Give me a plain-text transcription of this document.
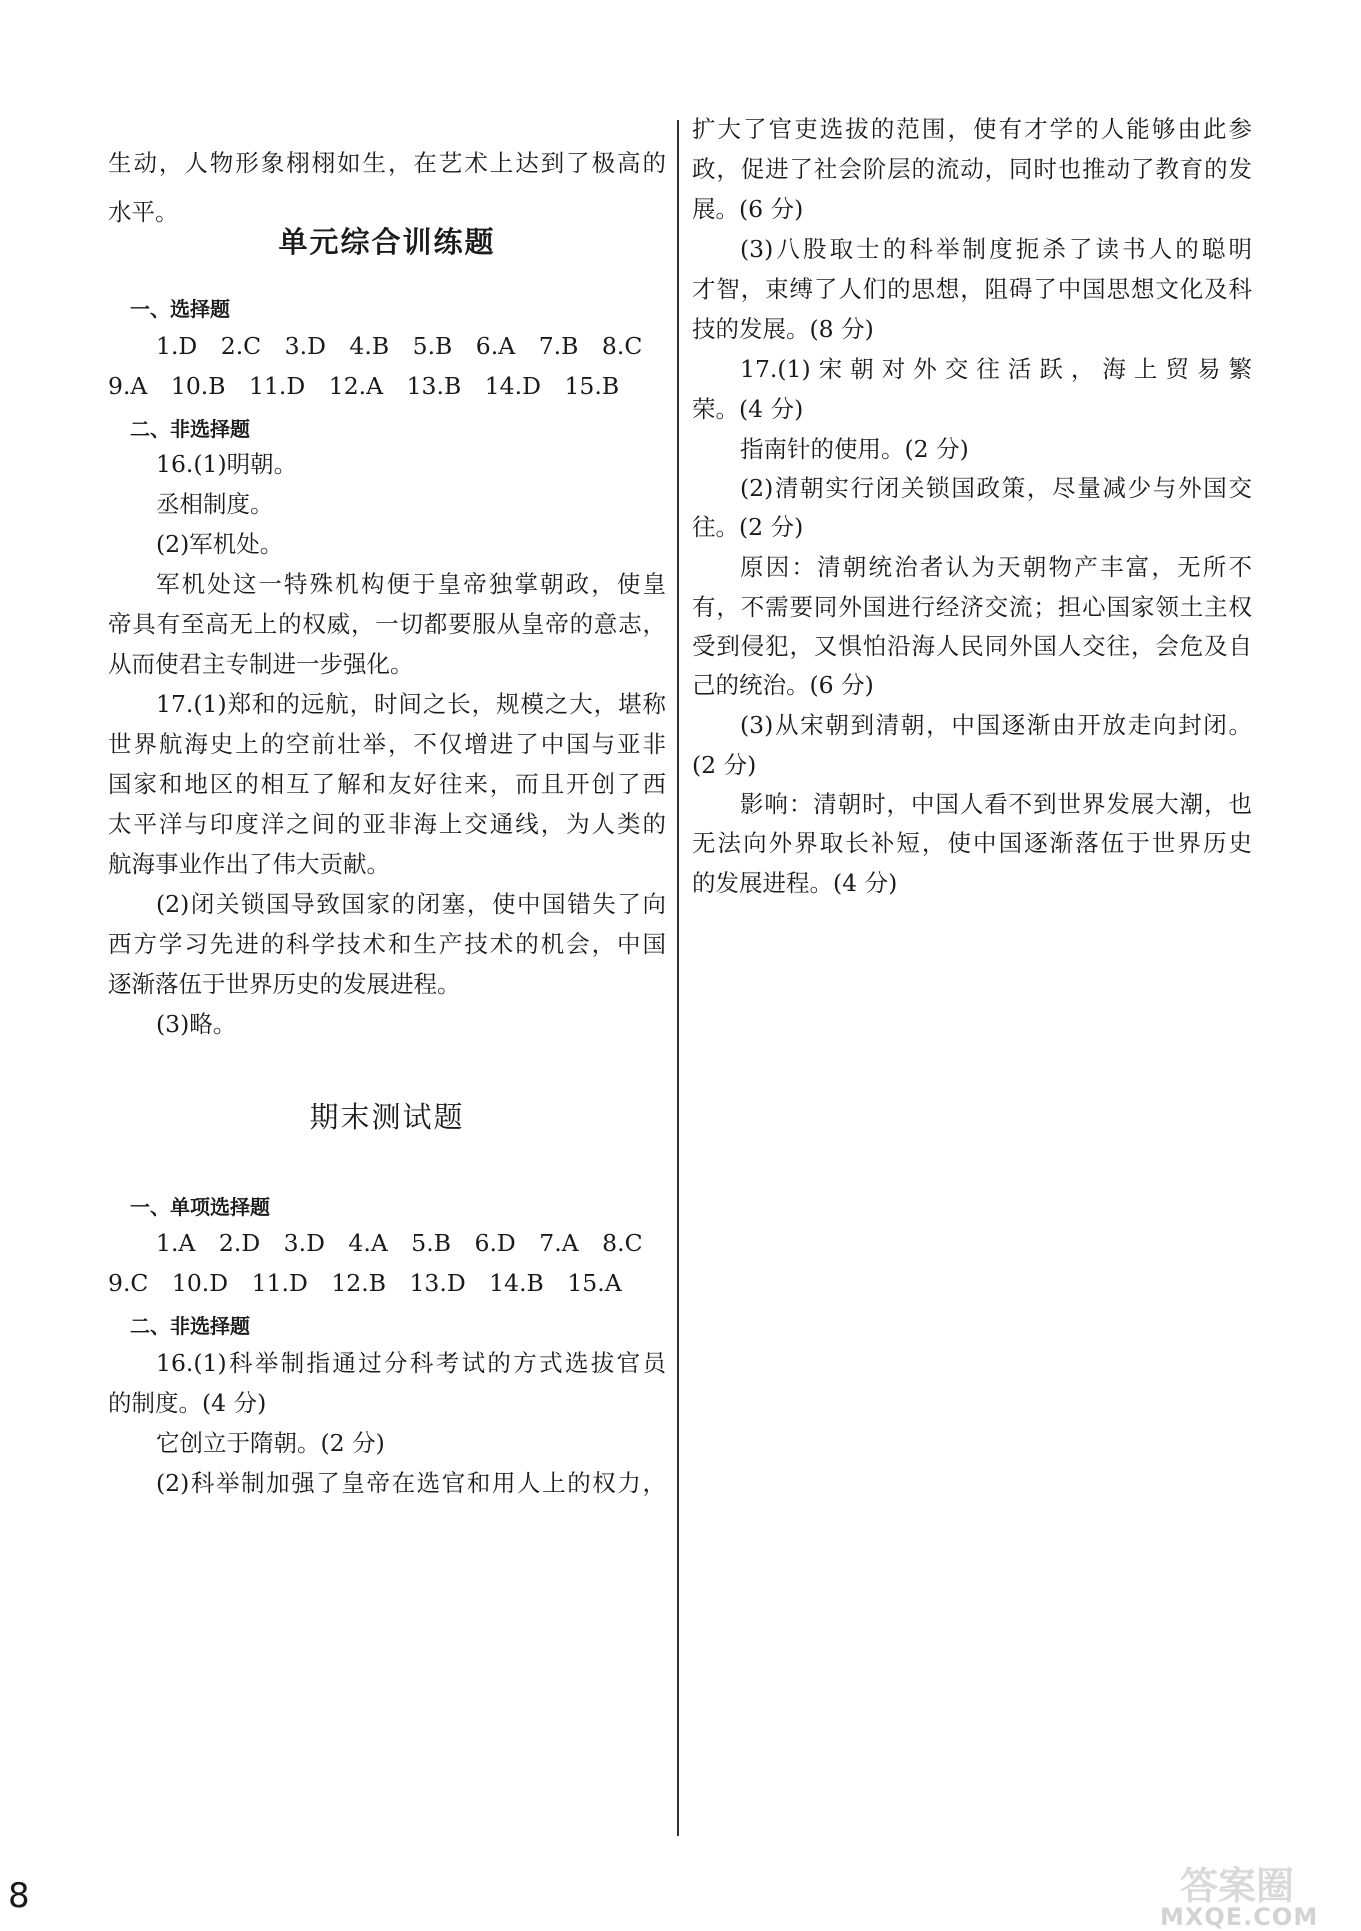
生动，人物形象栩栩如生，在艺术上达到了极高的
水平。
单元综合训练题
一、选择题
1.D　2.C　3.D　4.B　5.B　6.A　7.B　8.C
9.A　10.B　11.D　12.A　13.B　14.D　15.B
二、非选择题
16.(1)明朝。
丞相制度。
(2)军机处。
军机处这一特殊机构便于皇帝独掌朝政，使皇
帝具有至高无上的权威，一切都要服从皇帝的意志，
从而使君主专制进一步强化。
17.(1)郑和的远航，时间之长，规模之大，堪称
世界航海史上的空前壮举，不仅增进了中国与亚非
国家和地区的相互了解和友好往来，而且开创了西
太平洋与印度洋之间的亚非海上交通线，为人类的
航海事业作出了伟大贡献。
(2)闭关锁国导致国家的闭塞，使中国错失了向
西方学习先进的科学技术和生产技术的机会，中国
逐渐落伍于世界历史的发展进程。
(3)略。
期末测试题
一、单项选择题
1.A　2.D　3.D　4.A　5.B　6.D　7.A　8.C
9.C　10.D　11.D　12.B　13.D　14.B　15.A
二、非选择题
16.(1)科举制指通过分科考试的方式选拔官员
的制度。(4 分)
它创立于隋朝。(2 分)
(2)科举制加强了皇帝在选官和用人上的权力，
扩大了官吏选拔的范围，使有才学的人能够由此参
政，促进了社会阶层的流动，同时也推动了教育的发
展。(6 分)
(3)八股取士的科举制度扼杀了读书人的聪明
才智，束缚了人们的思想，阻碍了中国思想文化及科
技的发展。(8 分)
17.(1)宋朝对外交往活跃，海上贸易繁
荣。(4 分)
指南针的使用。(2 分)
(2)清朝实行闭关锁国政策，尽量减少与外国交
往。(2 分)
原因：清朝统治者认为天朝物产丰富，无所不
有，不需要同外国进行经济交流；担心国家领土主权
受到侵犯，又惧怕沿海人民同外国人交往，会危及自
己的统治。(6 分)
(3)从宋朝到清朝，中国逐渐由开放走向封闭。
(2 分)
影响：清朝时，中国人看不到世界发展大潮，也
无法向外界取长补短，使中国逐渐落伍于世界历史
的发展进程。(4 分)
8	答案圈
MXQE.COM
